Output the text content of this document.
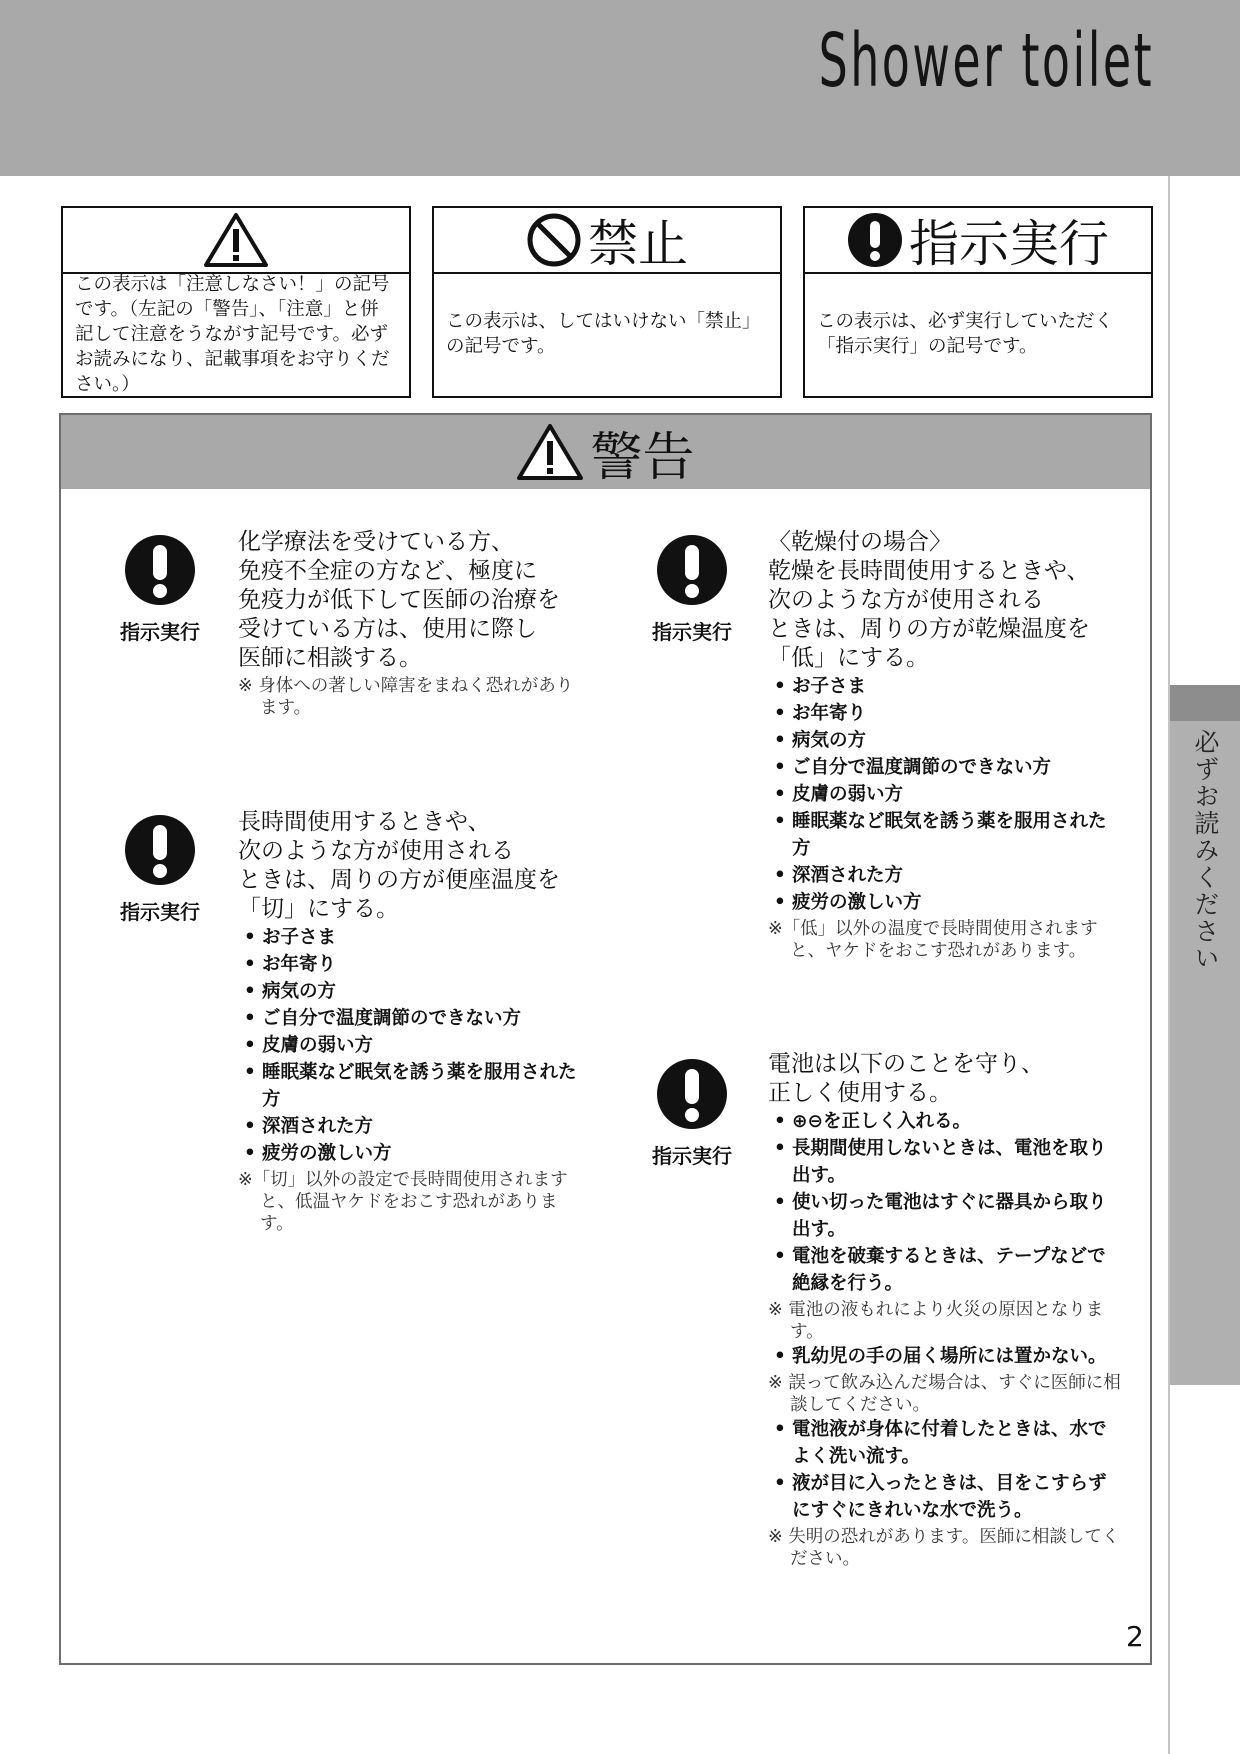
Shower toilet
必ずお読みください
この表示は「注意しなさい！」の記号です。（左記の「警告」、「注意」と併記して注意をうながす記号です。必ずお読みになり、記載事項をお守りください。）
禁止
この表示は、してはいけない「禁止」の記号です。
指示実行
この表示は、必ず実行していただく「指示実行」の記号です。
警告
指示実行
化学療法を受けている方、
免疫不全症の方など、極度に
免疫力が低下して医師の治療を
受けている方は、使用に際し
医師に相談する。
※ 身体への著しい障害をまねく恐れがあります。
指示実行
長時間使用するときや、
次のような方が使用される
ときは、周りの方が便座温度を
「切」にする。
• お子さま
• お年寄り
• 病気の方
• ご自分で温度調節のできない方
• 皮膚の弱い方
• 睡眠薬など眠気を誘う薬を服用された方
• 深酒された方
• 疲労の激しい方
※「切」以外の設定で長時間使用されますと、低温ヤケドをおこす恐れがあります。
指示実行
〈乾燥付の場合〉
乾燥を長時間使用するときや、
次のような方が使用される
ときは、周りの方が乾燥温度を
「低」にする。
• お子さま
• お年寄り
• 病気の方
• ご自分で温度調節のできない方
• 皮膚の弱い方
• 睡眠薬など眠気を誘う薬を服用された方
• 深酒された方
• 疲労の激しい方
※「低」以外の温度で長時間使用されますと、ヤケドをおこす恐れがあります。
指示実行
電池は以下のことを守り、
正しく使用する。
• ⊕⊖を正しく入れる。
• 長期間使用しないときは、電池を取り出す。
• 使い切った電池はすぐに器具から取り出す。
• 電池を破棄するときは、テープなどで絶縁を行う。
※ 電池の液もれにより火災の原因となります。
• 乳幼児の手の届く場所には置かない。
※ 誤って飲み込んだ場合は、すぐに医師に相談してください。
• 電池液が身体に付着したときは、水でよく洗い流す。
• 液が目に入ったときは、目をこすらずにすぐにきれいな水で洗う。
※ 失明の恐れがあります。医師に相談してください。
2
